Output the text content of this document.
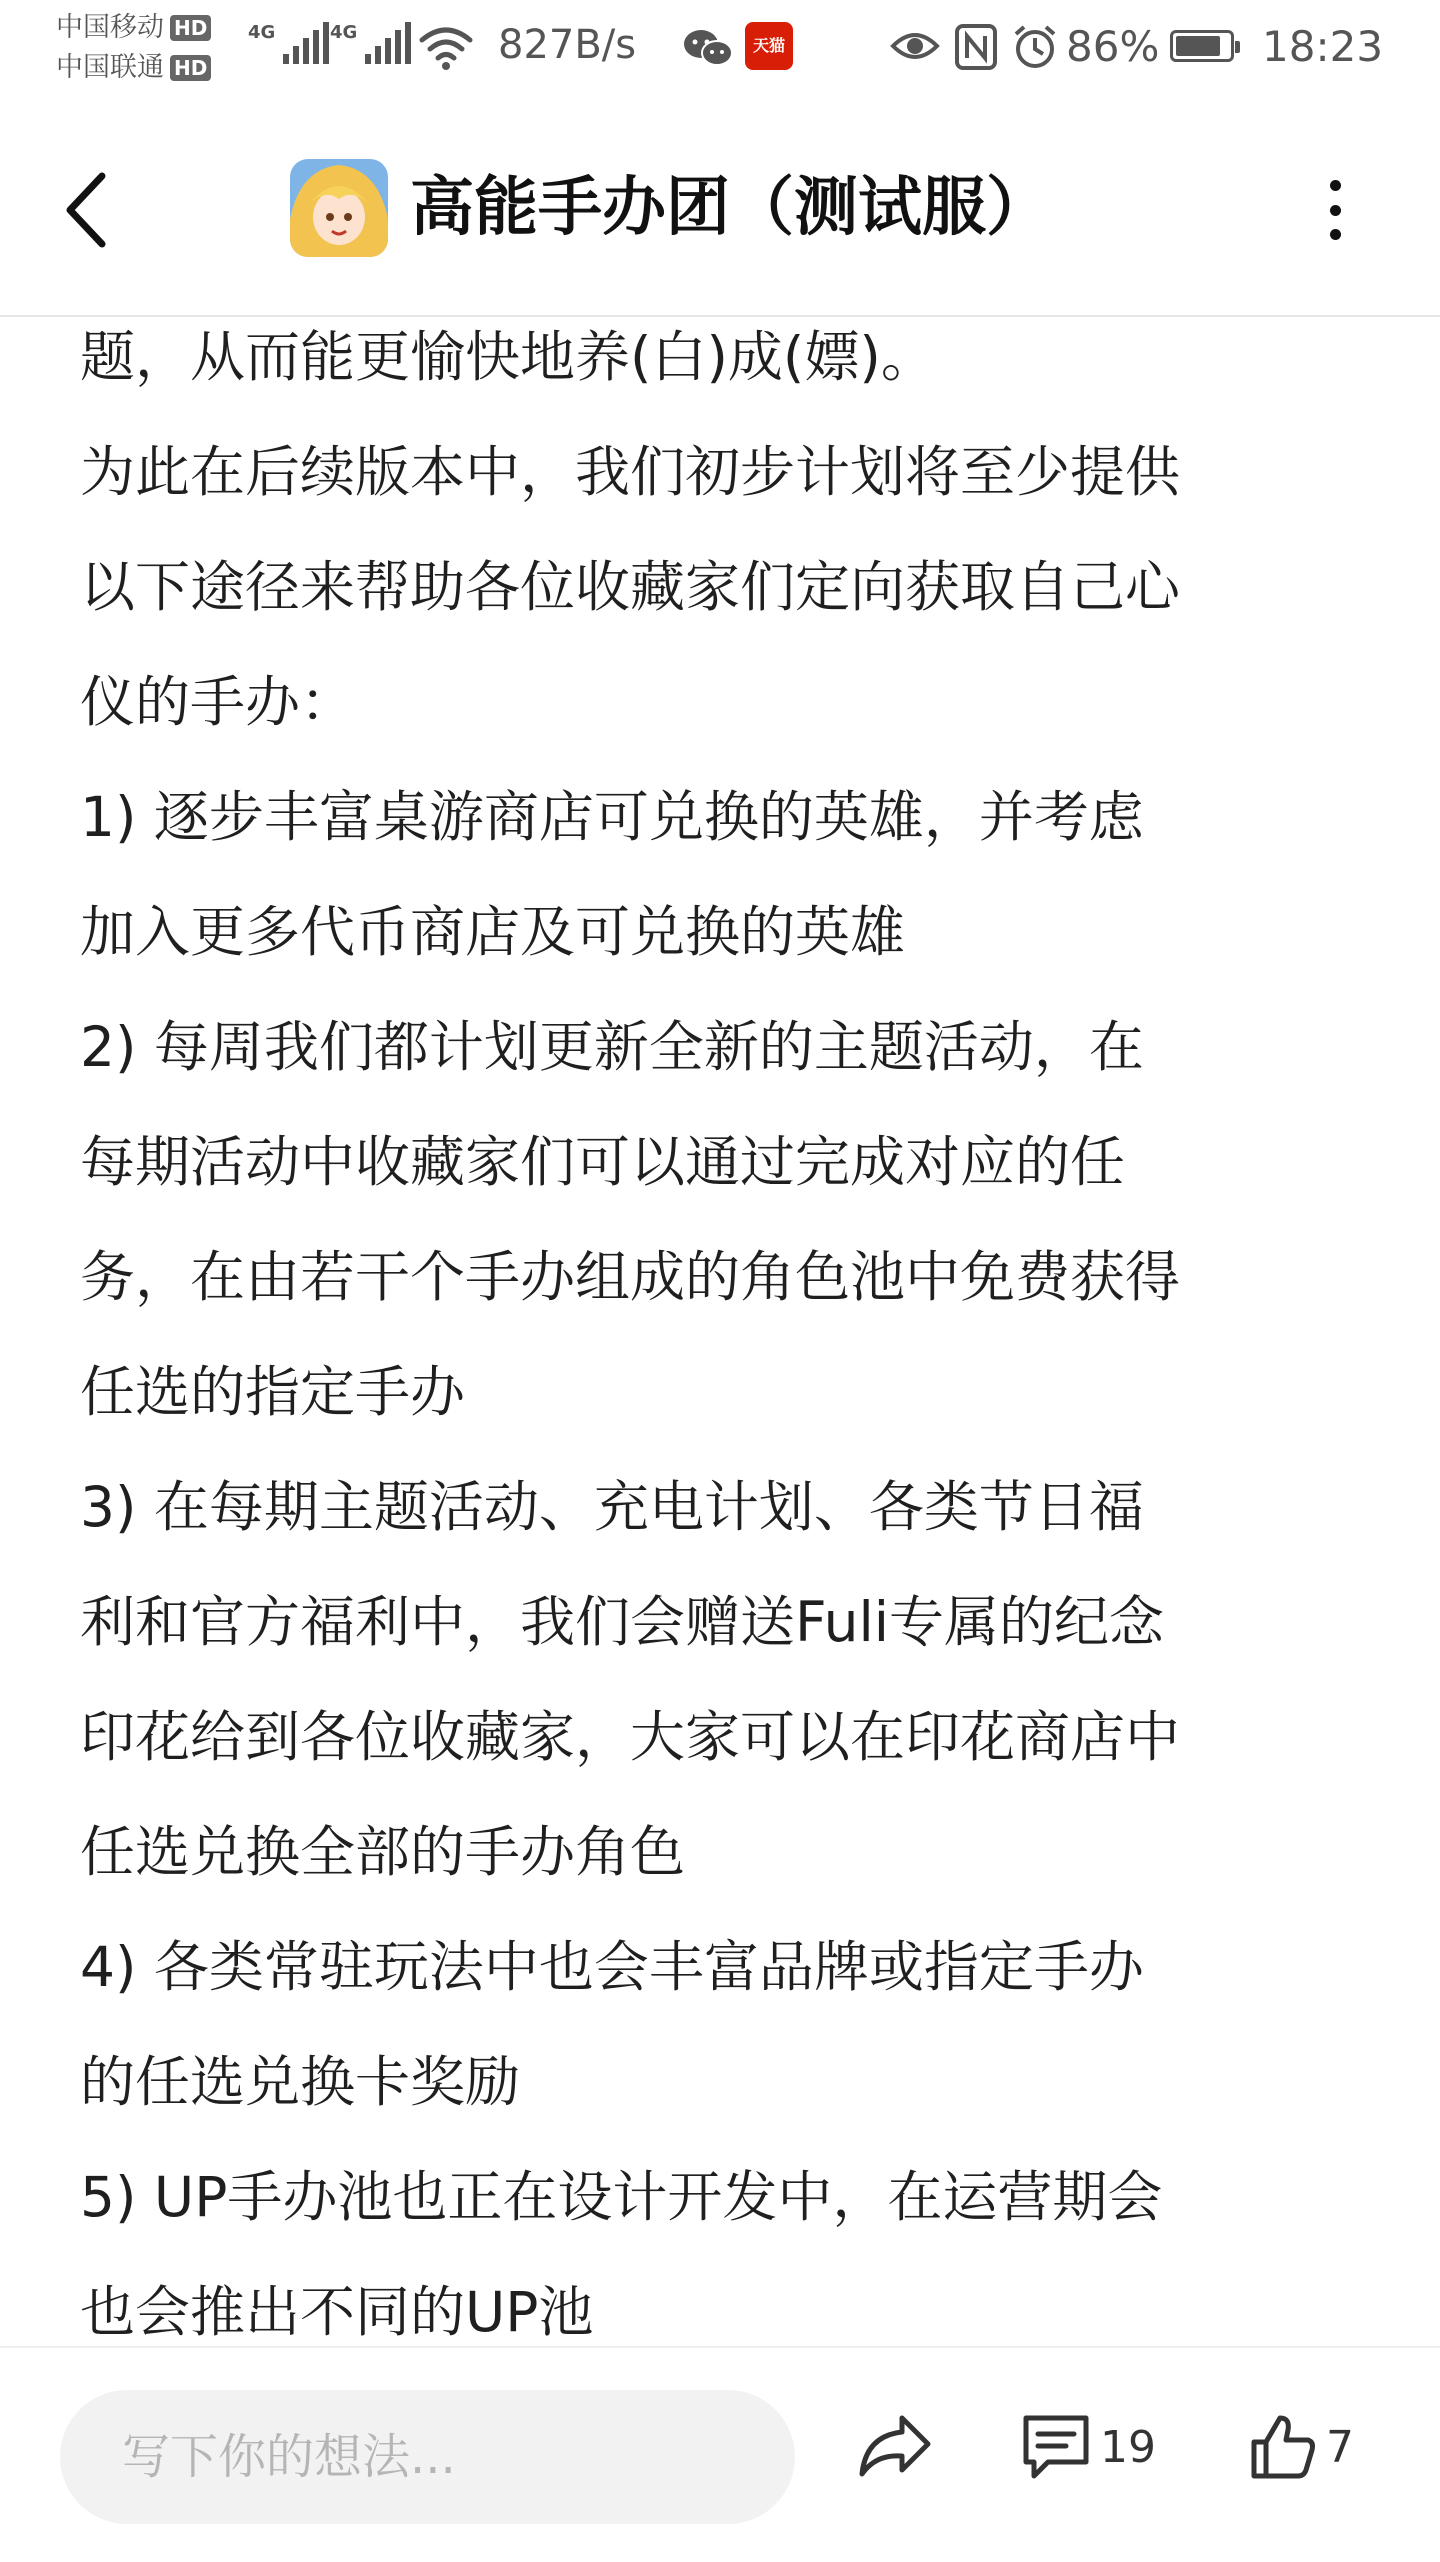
中国移动 HD
中国联通 HD
4G	4G	827B/s	天猫	86% 18:23
高能手办团（测试服）
题，从而能更愉快地养(白)成(嫖)。
为此在后续版本中，我们初步计划将至少提供
以下途径来帮助各位收藏家们定向获取自己心
仪的手办：
1) 逐步丰富桌游商店可兑换的英雄，并考虑
加入更多代币商店及可兑换的英雄
2) 每周我们都计划更新全新的主题活动，在
每期活动中收藏家们可以通过完成对应的任
务，在由若干个手办组成的角色池中免费获得
任选的指定手办
3) 在每期主题活动、充电计划、各类节日福
利和官方福利中，我们会赠送Fuli专属的纪念
印花给到各位收藏家，大家可以在印花商店中
任选兑换全部的手办角色
4) 各类常驻玩法中也会丰富品牌或指定手办
的任选兑换卡奖励
5) UP手办池也正在设计开发中，在运营期会
也会推出不同的UP池
写下你的想法...	19	7
